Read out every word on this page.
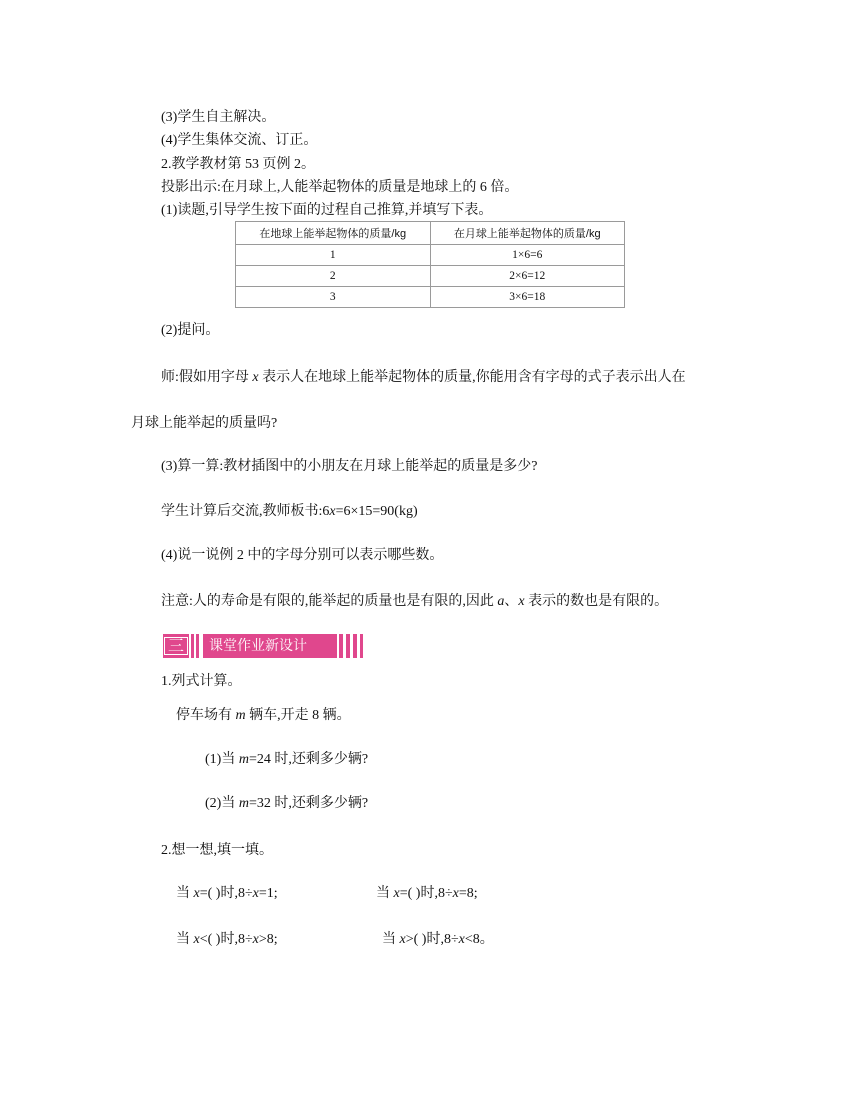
(3)学生自主解决。
(4)学生集体交流、订正。
2.教学教材第 53 页例 2。
投影出示:在月球上,人能举起物体的质量是地球上的 6 倍。
(1)读题,引导学生按下面的过程自己推算,并填写下表。
在地球上能举起物体的质量/kg	在月球上能举起物体的质量/kg
1	1×6=6
2	2×6=12
3	3×6=18
(2)提问。
师:假如用字母 x 表示人在地球上能举起物体的质量,你能用含有字母的式子表示出人在
月球上能举起的质量吗?
(3)算一算:教材插图中的小朋友在月球上能举起的质量是多少?
学生计算后交流,教师板书:6x=6×15=90(kg)
(4)说一说例 2 中的字母分别可以表示哪些数。
注意:人的寿命是有限的,能举起的质量也是有限的,因此 a、x 表示的数也是有限的。
三	课堂作业新设计
1.列式计算。
停车场有 m 辆车,开走 8 辆。
(1)当 m=24 时,还剩多少辆?
(2)当 m=32 时,还剩多少辆?
2.想一想,填一填。
当 x=( )时,8÷x=1;	当 x=( )时,8÷x=8;
当 x<( )时,8÷x>8;	当 x>( )时,8÷x<8。
